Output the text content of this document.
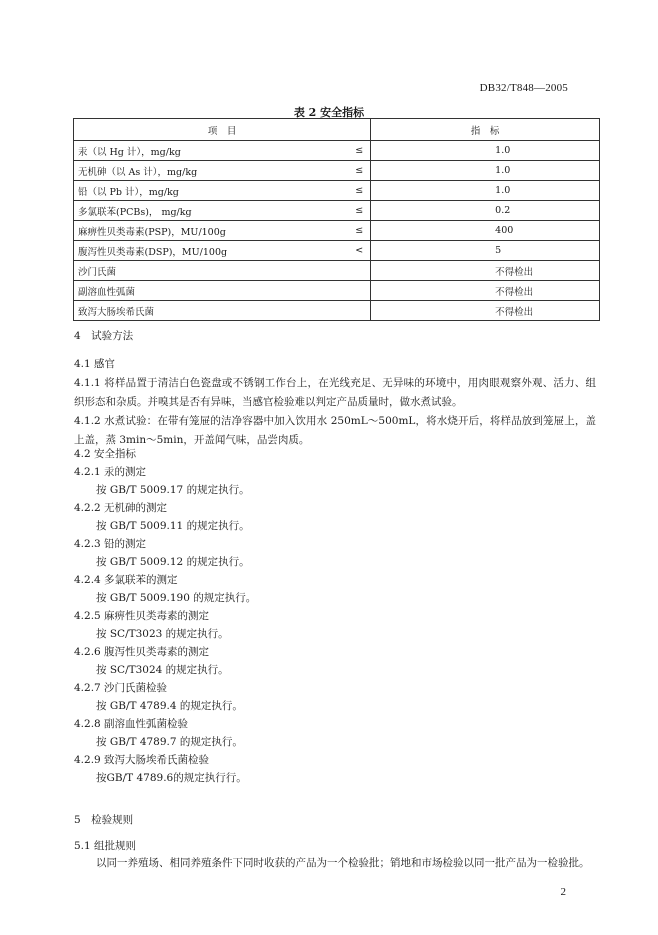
DB32/T848—2005
表 2 安全指标
项　目		指　标
汞（以 Hg 计），mg/kg	≤	1.0
无机砷（以 As 计），mg/kg	≤	1.0
铅（以 Pb 计），mg/kg	≤	1.0
多氯联苯(PCBs)， mg/kg	≤	0.2
麻痹性贝类毒素(PSP)，MU/100g	≤	400
腹泻性贝类毒素(DSP)，MU/100g	<	5
沙门氏菌		不得检出
副溶血性弧菌		不得检出
致泻大肠埃希氏菌		不得检出
4　试验方法
4.1 感官
4.1.1 将样品置于清洁白色瓷盘或不锈钢工作台上，在光线充足、无异味的环境中，用肉眼观察外观、活力、组织形态和杂质。并嗅其是否有异味，当感官检验难以判定产品质量时，做水煮试验。
4.1.2 水煮试验：在带有笼屉的洁净容器中加入饮用水 250mL～500mL，将水烧开后，将样品放到笼屉上，盖上盖，蒸 3min～5min，开盖闻气味，品尝肉质。
4.2 安全指标
4.2.1 汞的测定
按 GB/T 5009.17 的规定执行。
4.2.2 无机砷的测定
按 GB/T 5009.11 的规定执行。
4.2.3 铅的测定
按 GB/T 5009.12 的规定执行。
4.2.4 多氯联苯的测定
按 GB/T 5009.190 的规定执行。
4.2.5 麻痹性贝类毒素的测定
按 SC/T3023 的规定执行。
4.2.6 腹泻性贝类毒素的测定
按 SC/T3024 的规定执行。
4.2.7 沙门氏菌检验
按 GB/T 4789.4 的规定执行。
4.2.8 副溶血性弧菌检验
按 GB/T 4789.7 的规定执行。
4.2.9 致泻大肠埃希氏菌检验
按GB/T 4789.6的规定执行行。
5　检验规则
5.1 组批规则
以同一养殖场、相同养殖条件下同时收获的产品为一个检验批；销地和市场检验以同一批产品为一检验批。
2
